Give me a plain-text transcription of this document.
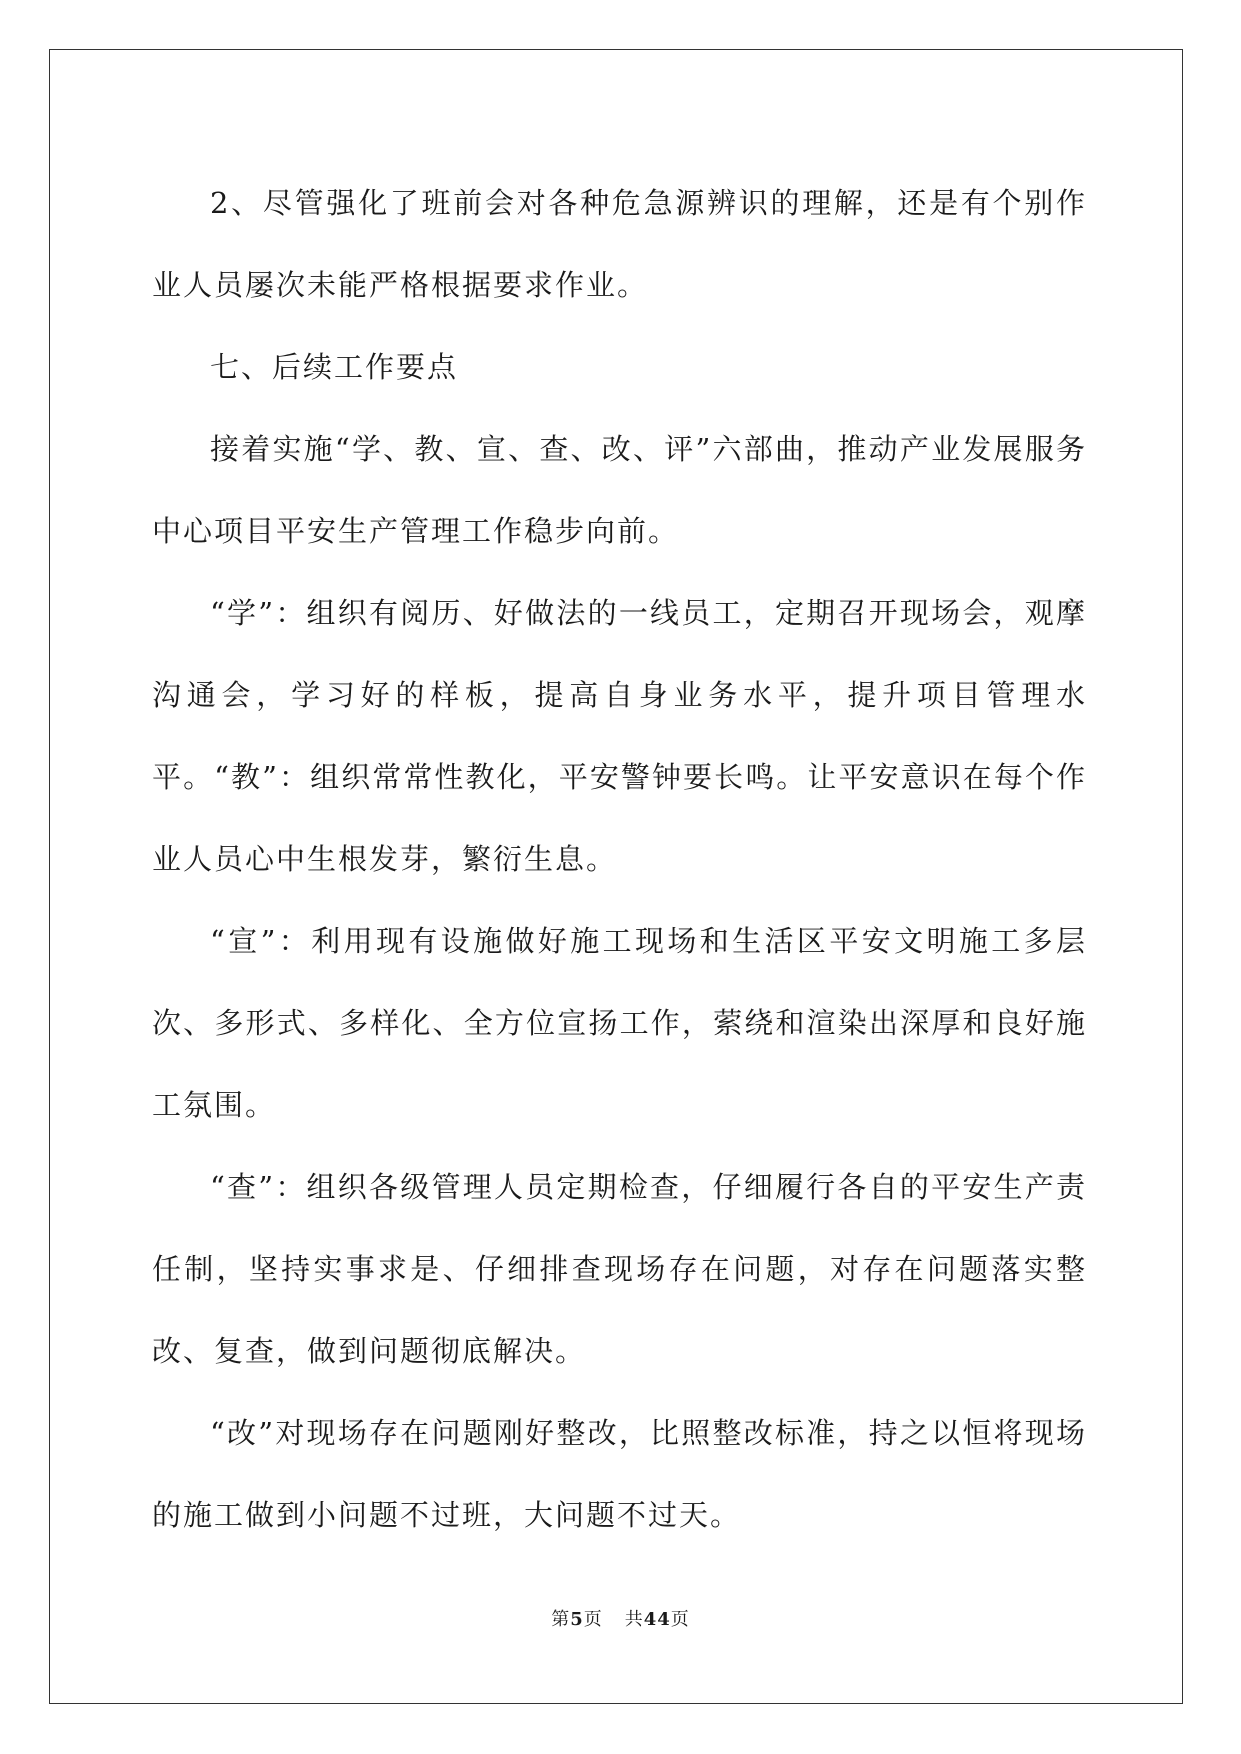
2、尽管强化了班前会对各种危急源辨识的理解，还是有个别作业人员屡次未能严格根据要求作业。

七、后续工作要点

接着实施“学、教、宣、查、改、评”六部曲，推动产业发展服务中心项目平安生产管理工作稳步向前。

“学”：组织有阅历、好做法的一线员工，定期召开现场会，观摩沟通会，学习好的样板，提高自身业务水平，提升项目管理水平。“教”：组织常常性教化，平安警钟要长鸣。让平安意识在每个作业人员心中生根发芽，繁衍生息。

“宣”：利用现有设施做好施工现场和生活区平安文明施工多层次、多形式、多样化、全方位宣扬工作，萦绕和渲染出深厚和良好施工氛围。

“查”：组织各级管理人员定期检查，仔细履行各自的平安生产责任制，坚持实事求是、仔细排查现场存在问题，对存在问题落实整改、复查，做到问题彻底解决。

“改”对现场存在问题刚好整改，比照整改标准，持之以恒将现场的施工做到小问题不过班，大问题不过天。

第5页 共44页
